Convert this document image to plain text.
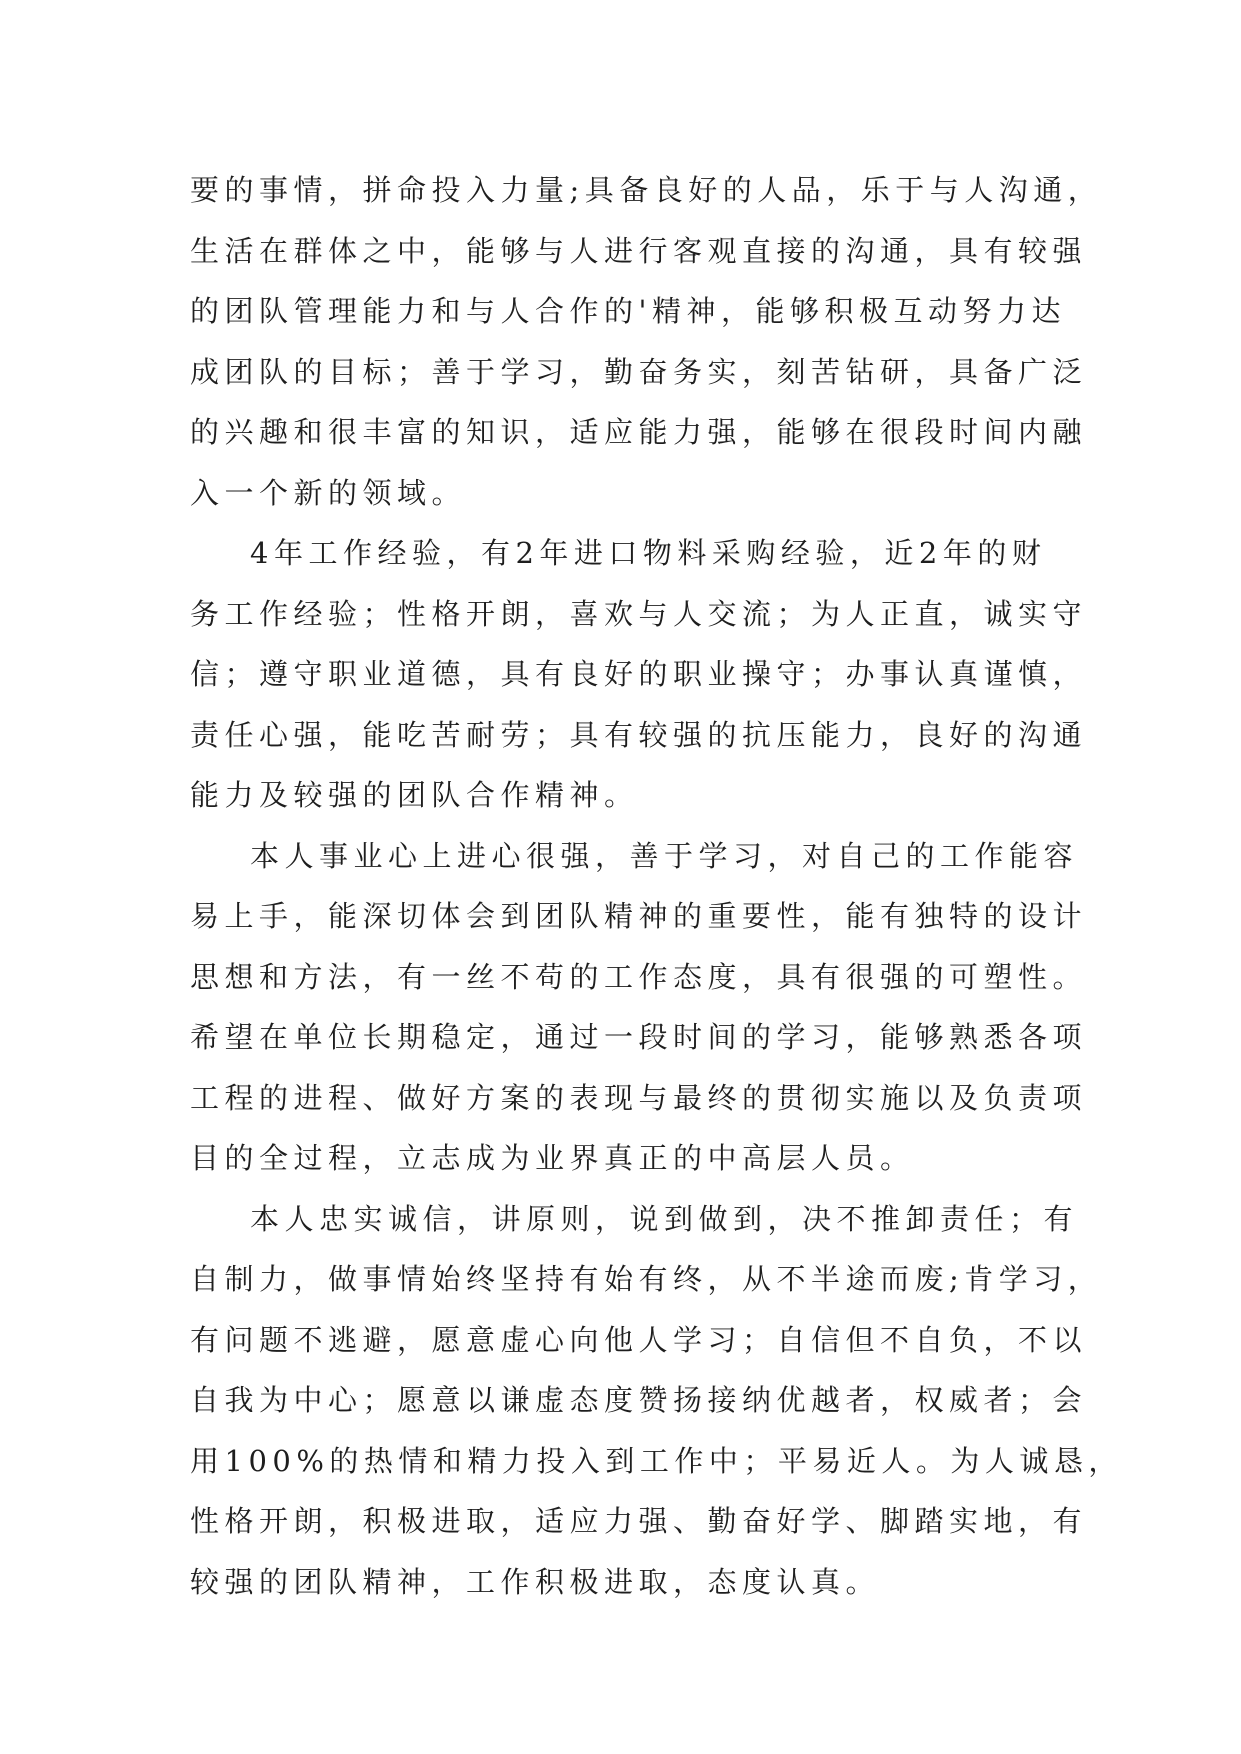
要的事情，拼命投入力量;具备良好的人品，乐于与人沟通，
生活在群体之中，能够与人进行客观直接的沟通，具有较强
的团队管理能力和与人合作的'精神，能够积极互动努力达
成团队的目标；善于学习，勤奋务实，刻苦钻研，具备广泛
的兴趣和很丰富的知识，适应能力强，能够在很段时间内融
入一个新的领域。
4年工作经验，有2年进口物料采购经验，近2年的财
务工作经验；性格开朗，喜欢与人交流；为人正直，诚实守
信；遵守职业道德，具有良好的职业操守；办事认真谨慎，
责任心强，能吃苦耐劳；具有较强的抗压能力，良好的沟通
能力及较强的团队合作精神。
本人事业心上进心很强，善于学习，对自己的工作能容
易上手，能深切体会到团队精神的重要性，能有独特的设计
思想和方法，有一丝不苟的工作态度，具有很强的可塑性。
希望在单位长期稳定，通过一段时间的学习，能够熟悉各项
工程的进程、做好方案的表现与最终的贯彻实施以及负责项
目的全过程，立志成为业界真正的中高层人员。
本人忠实诚信，讲原则，说到做到，决不推卸责任；有
自制力，做事情始终坚持有始有终，从不半途而废;肯学习，
有问题不逃避，愿意虚心向他人学习；自信但不自负，不以
自我为中心；愿意以谦虚态度赞扬接纳优越者，权威者；会
用100%的热情和精力投入到工作中；平易近人。为人诚恳，
性格开朗，积极进取，适应力强、勤奋好学、脚踏实地，有
较强的团队精神，工作积极进取，态度认真。
